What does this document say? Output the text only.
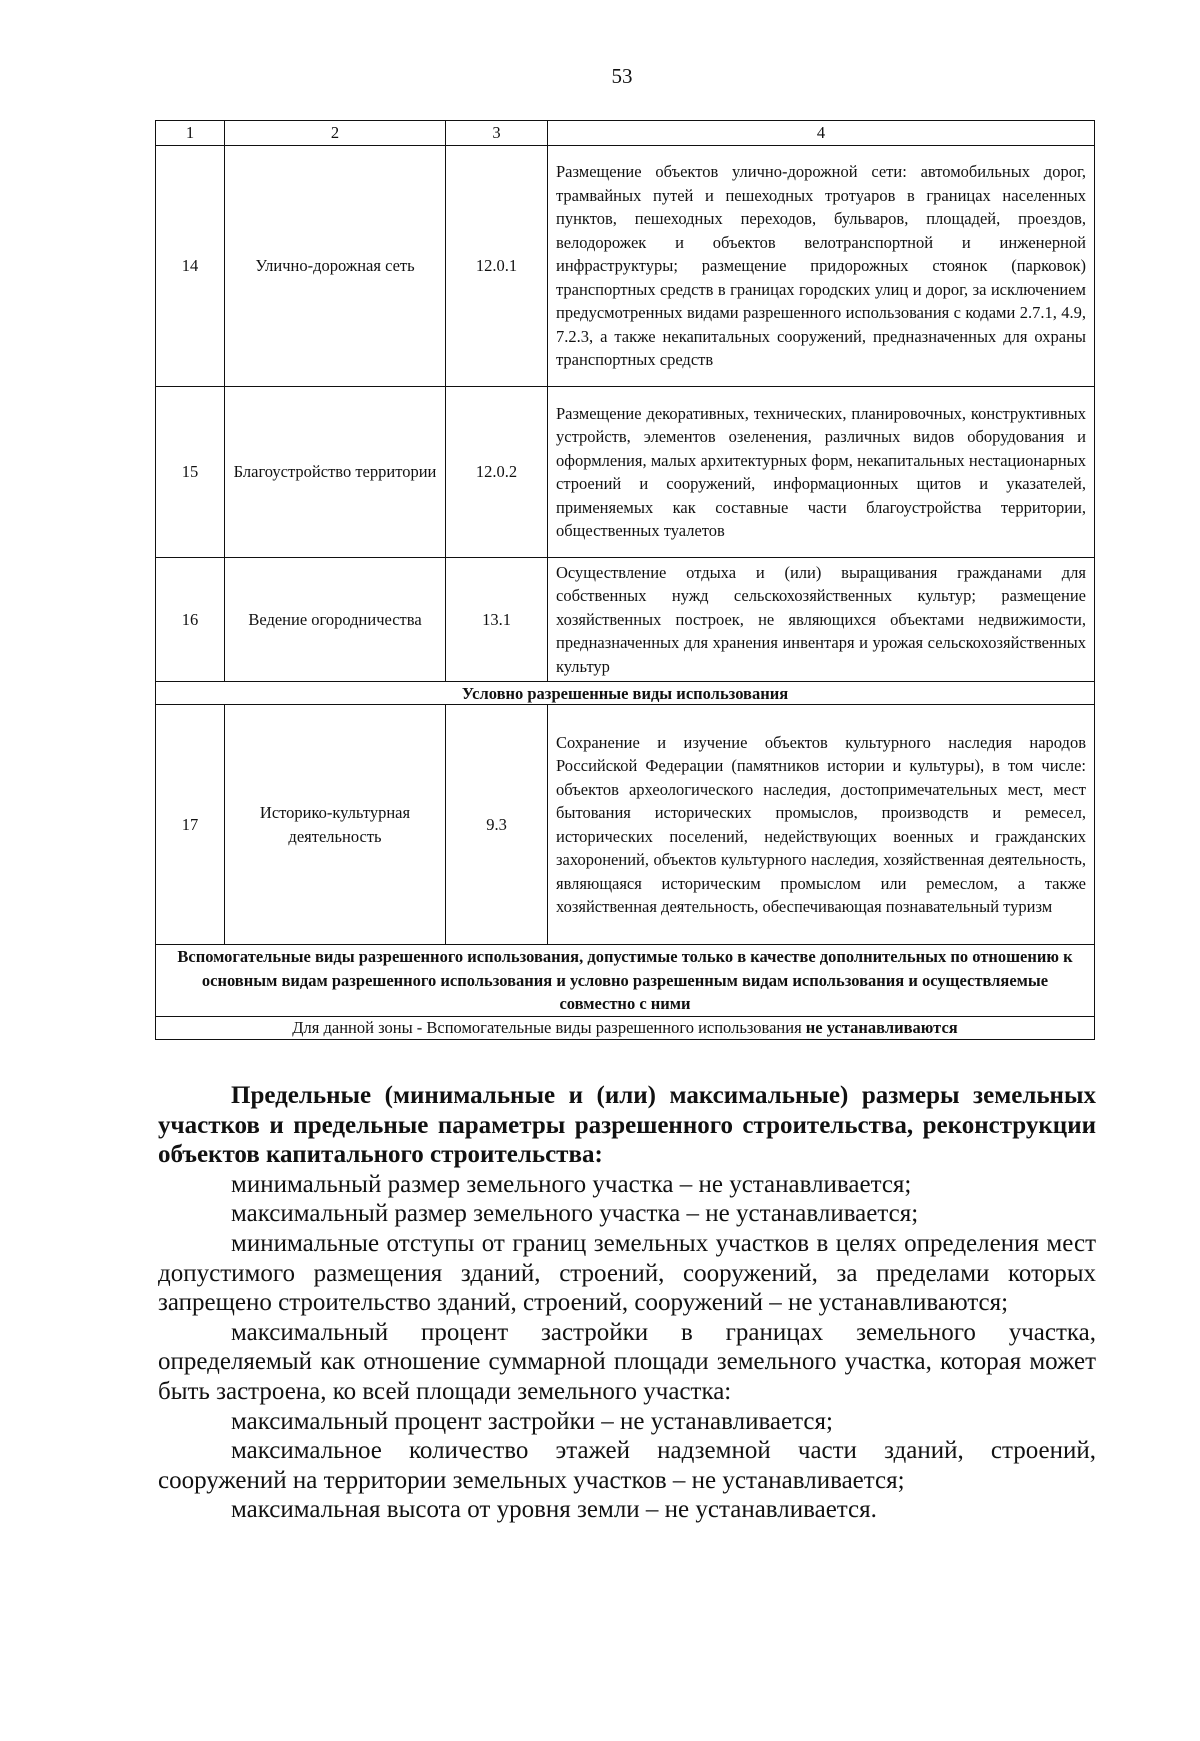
53
1	2	3	4
14	Улично-дорожная сеть	12.0.1	Размещение объектов улично-дорожной сети: автомобильных дорог, трамвайных путей и пешеходных тротуаров в границах населенных пунктов, пешеходных переходов, бульваров, площадей, проездов, велодорожек и объектов велотранспортной и инженерной инфраструктуры; размещение придорожных стоянок (парковок) транспортных средств в границах городских улиц и дорог, за исключением предусмотренных видами разрешенного использования с кодами 2.7.1, 4.9, 7.2.3, а также некапитальных сооружений, предназначенных для охраны транспортных средств
15	Благоустройство территории	12.0.2	Размещение декоративных, технических, планировочных, конструктивных устройств, элементов озеленения, различных видов оборудования и оформления, малых архитектурных форм, некапитальных нестационарных строений и сооружений, информационных щитов и указателей, применяемых как составные части благоустройства территории, общественных туалетов
16	Ведение огородничества	13.1	Осуществление отдыха и (или) выращивания гражданами для собственных нужд сельскохозяйственных культур; размещение хозяйственных построек, не являющихся объектами недвижимости, предназначенных для хранения инвентаря и урожая сельскохозяйственных культур
Условно разрешенные виды использования			
17	Историко-культурная деятельность	9.3	Сохранение и изучение объектов культурного наследия народов Российской Федерации (памятников истории и культуры), в том числе: объектов археологического наследия, достопримечательных мест, мест бытования исторических промыслов, производств и ремесел, исторических поселений, недействующих военных и гражданских захоронений, объектов культурного наследия, хозяйственная деятельность, являющаяся историческим промыслом или ремеслом, а также хозяйственная деятельность, обеспечивающая познавательный туризм
Вспомогательные виды разрешенного использования, допустимые только в качестве дополнительных по отношению к основным видам разрешенного использования и условно разрешенным видам использования и осуществляемые совместно с ними			
Для данной зоны - Вспомогательные виды разрешенного использования не устанавливаются			

Предельные (минимальные и (или) максимальные) размеры земельных участков и предельные параметры разрешенного строительства, реконструкции объектов капитального строительства:

минимальный размер земельного участка – не устанавливается;

максимальный размер земельного участка – не устанавливается;

минимальные отступы от границ земельных участков в целях определения мест допустимого размещения зданий, строений, сооружений, за пределами которых запрещено строительство зданий, строений, сооружений – не устанавливаются;

максимальный процент застройки в границах земельного участка, определяемый как отношение суммарной площади земельного участка, которая может быть застроена, ко всей площади земельного участка:

максимальный процент застройки – не устанавливается;

максимальное количество этажей надземной части зданий, строений, сооружений на территории земельных участков – не устанавливается;

максимальная высота от уровня земли – не устанавливается.
